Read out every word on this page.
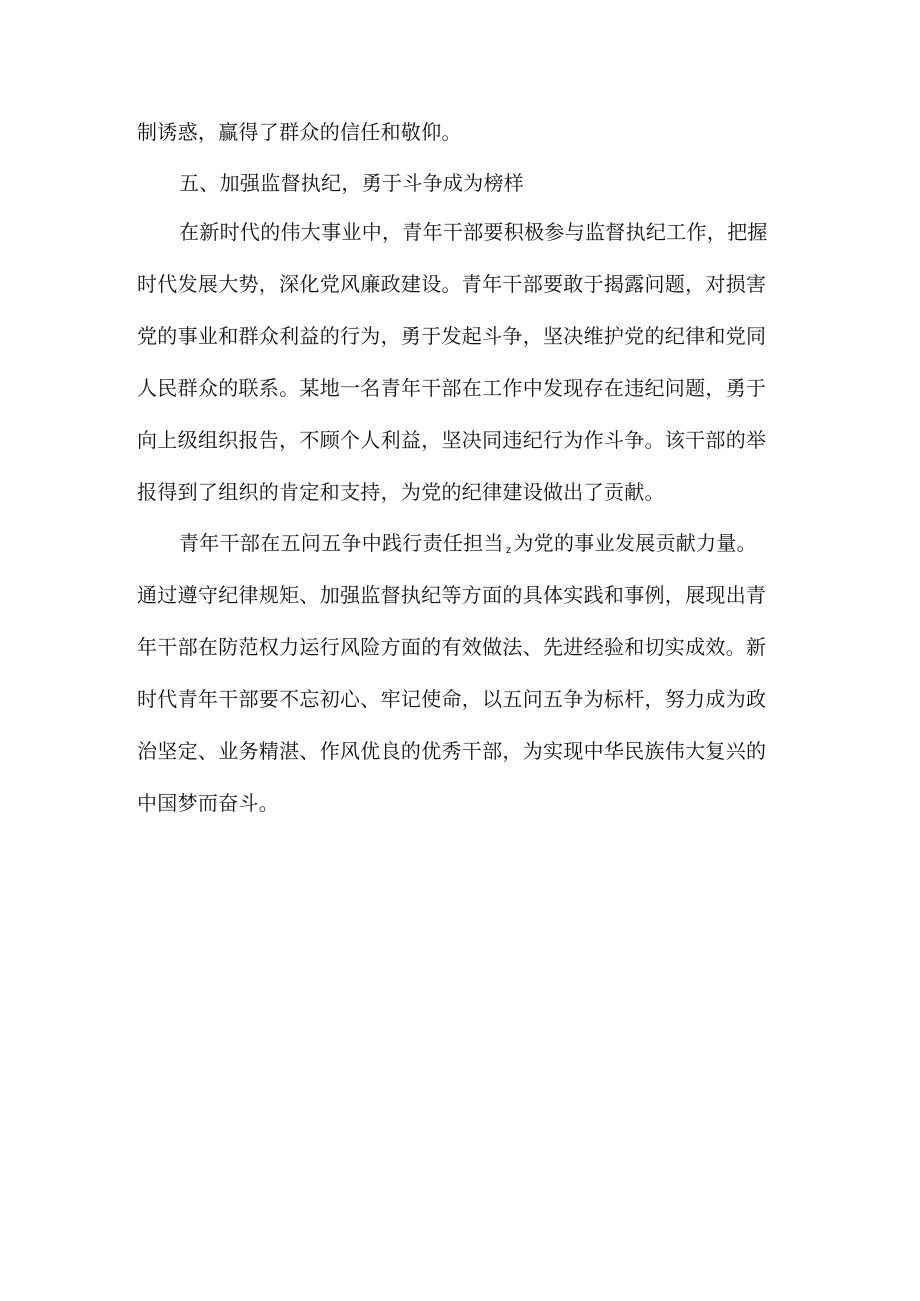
制诱惑，赢得了群众的信任和敬仰。

五、加强监督执纪，勇于斗争成为榜样

在新时代的伟大事业中，青年干部要积极参与监督执纪工作，把握

时代发展大势，深化党风廉政建设。青年干部要敢于揭露问题，对损害

党的事业和群众利益的行为，勇于发起斗争，坚决维护党的纪律和党同

人民群众的联系。某地一名青年干部在工作中发现存在违纪问题，勇于

向上级组织报告，不顾个人利益，坚决同违纪行为作斗争。该干部的举

报得到了组织的肯定和支持，为党的纪律建设做出了贡献。

青年干部在五问五争中践行责任担当 z 为党的事业发展贡献力量。

通过遵守纪律规矩、加强监督执纪等方面的具体实践和事例，展现出青

年干部在防范权力运行风险方面的有效做法、先进经验和切实成效。新

时代青年干部要不忘初心、牢记使命，以五问五争为标杆，努力成为政

治坚定、业务精湛、作风优良的优秀干部，为实现中华民族伟大复兴的

中国梦而奋斗。
